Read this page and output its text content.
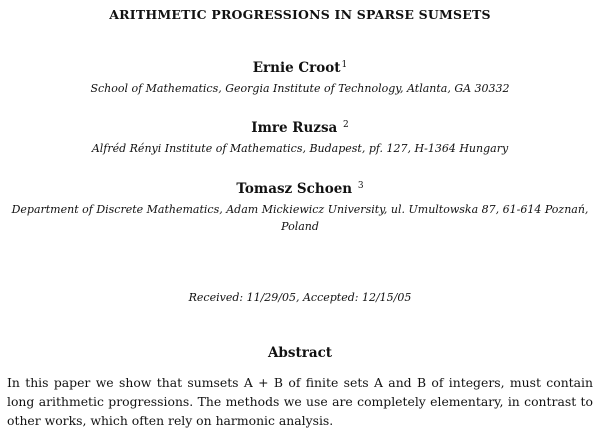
ARITHMETIC PROGRESSIONS IN SPARSE SUMSETS
Ernie Croot$^1$
School of Mathematics, Georgia Institute of Technology, Atlanta, GA 30332
Imre Ruzsa $^2$
Alfréd Rényi Institute of Mathematics, Budapest, pf. 127, H-1364 Hungary
Tomasz Schoen $^3$
Department of Discrete Mathematics, Adam Mickiewicz University, ul. Umultowska 87, 61-614 Poznań,
Poland
Received: 11/29/05, Accepted: 12/15/05
Abstract
In this paper we show that sumsets A + B of finite sets A and B of integers, must contain
long arithmetic progressions. The methods we use are completely elementary, in contrast to
other works, which often rely on harmonic analysis.
